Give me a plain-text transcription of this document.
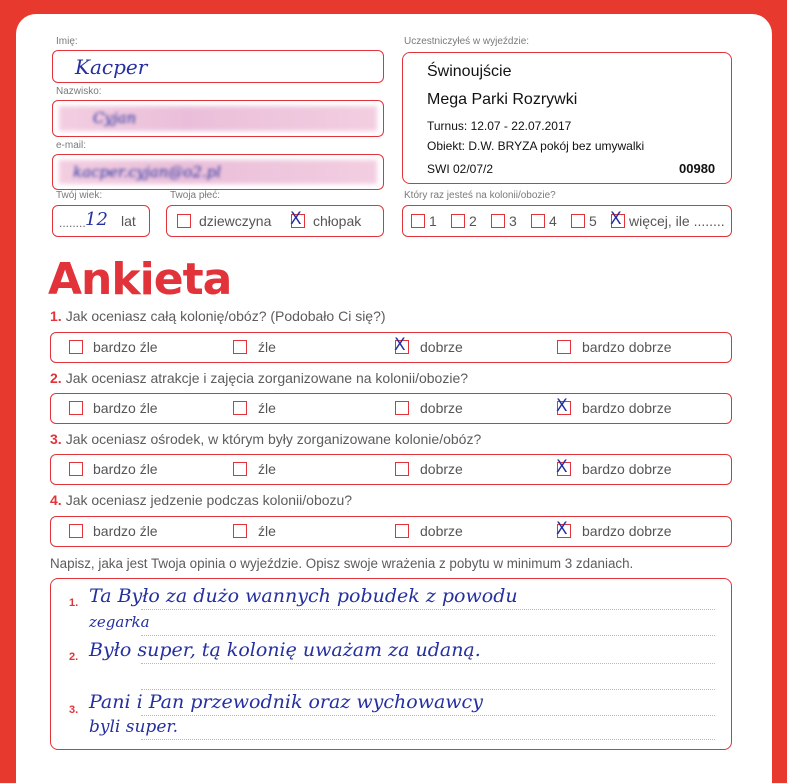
Imię:
Kacper
Nazwisko:
Cyjan
e-mail:
kacper.cyjan@o2.pl
Twój wiek:
........ 12 lat
Twoja płeć:
dziewczyna X chłopak
Uczestniczyłeś w wyjeździe:
Świnoujście
Mega Parki Rozrywki
Turnus: 12.07 - 22.07.2017
Obiekt: D.W. BRYZA pokój bez umywalki
SWI 02/07/2	00980
Który raz jesteś na kolonii/obozie?
1 2 3 4 5 X więcej, ile ........
Ankieta
1. Jak oceniasz całą kolonię/obóz? (Podobało Ci się?)
bardzo źle	źle	X dobrze	bardzo dobrze
2. Jak oceniasz atrakcje i zajęcia zorganizowane na kolonii/obozie?
bardzo źle	źle	dobrze	X bardzo dobrze
3. Jak oceniasz ośrodek, w którym były zorganizowane kolonie/obóz?
bardzo źle	źle	dobrze	X bardzo dobrze
4. Jak oceniasz jedzenie podczas kolonii/obozu?
bardzo źle	źle	dobrze	X bardzo dobrze
Napisz, jaka jest Twoja opinia o wyjeździe. Opisz swoje wrażenia z pobytu w minimum 3 zdaniach.
1.
2.
3.
Ta Było za dużo wannych pobudek z powodu
zegarka
Było super, tą kolonię uważam za udaną.
Pani i Pan przewodnik oraz wychowawcy
byli super.
